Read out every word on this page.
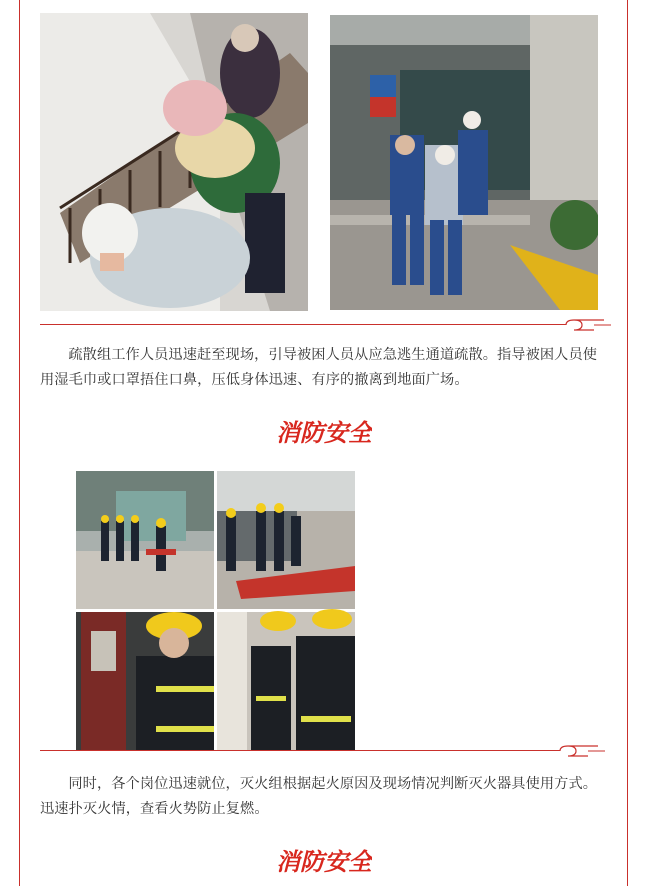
疏散组工作人员迅速赶至现场，引导被困人员从应急逃生通道疏散。指导被困人员使用湿毛巾或口罩捂住口鼻，压低身体迅速、有序的撤离到地面广场。

消防安全

同时，各个岗位迅速就位，灭火组根据起火原因及现场情况判断灭火器具使用方式。迅速扑灭火情，查看火势防止复燃。

消防安全
